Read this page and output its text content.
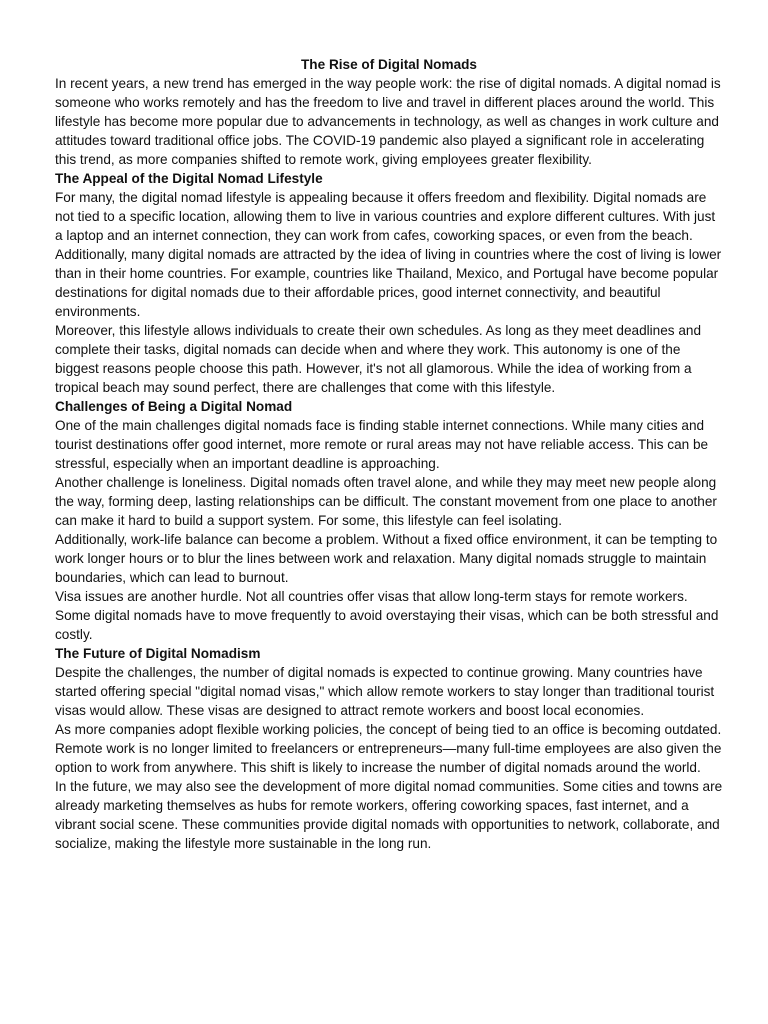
The Rise of Digital Nomads

In recent years, a new trend has emerged in the way people work: the rise of digital nomads. A digital nomad is someone who works remotely and has the freedom to live and travel in different places around the world. This lifestyle has become more popular due to advancements in technology, as well as changes in work culture and attitudes toward traditional office jobs. The COVID-19 pandemic also played a significant role in accelerating this trend, as more companies shifted to remote work, giving employees greater flexibility.

The Appeal of the Digital Nomad Lifestyle

For many, the digital nomad lifestyle is appealing because it offers freedom and flexibility. Digital nomads are not tied to a specific location, allowing them to live in various countries and explore different cultures. With just a laptop and an internet connection, they can work from cafes, coworking spaces, or even from the beach.

Additionally, many digital nomads are attracted by the idea of living in countries where the cost of living is lower than in their home countries. For example, countries like Thailand, Mexico, and Portugal have become popular destinations for digital nomads due to their affordable prices, good internet connectivity, and beautiful environments.

Moreover, this lifestyle allows individuals to create their own schedules. As long as they meet deadlines and complete their tasks, digital nomads can decide when and where they work. This autonomy is one of the biggest reasons people choose this path. However, it's not all glamorous. While the idea of working from a tropical beach may sound perfect, there are challenges that come with this lifestyle.

Challenges of Being a Digital Nomad

One of the main challenges digital nomads face is finding stable internet connections. While many cities and tourist destinations offer good internet, more remote or rural areas may not have reliable access. This can be stressful, especially when an important deadline is approaching.

Another challenge is loneliness. Digital nomads often travel alone, and while they may meet new people along the way, forming deep, lasting relationships can be difficult. The constant movement from one place to another can make it hard to build a support system. For some, this lifestyle can feel isolating.

Additionally, work-life balance can become a problem. Without a fixed office environment, it can be tempting to work longer hours or to blur the lines between work and relaxation. Many digital nomads struggle to maintain boundaries, which can lead to burnout.

Visa issues are another hurdle. Not all countries offer visas that allow long-term stays for remote workers. Some digital nomads have to move frequently to avoid overstaying their visas, which can be both stressful and costly.

The Future of Digital Nomadism

Despite the challenges, the number of digital nomads is expected to continue growing. Many countries have started offering special "digital nomad visas," which allow remote workers to stay longer than traditional tourist visas would allow. These visas are designed to attract remote workers and boost local economies.

As more companies adopt flexible working policies, the concept of being tied to an office is becoming outdated. Remote work is no longer limited to freelancers or entrepreneurs—many full-time employees are also given the option to work from anywhere. This shift is likely to increase the number of digital nomads around the world.

In the future, we may also see the development of more digital nomad communities. Some cities and towns are already marketing themselves as hubs for remote workers, offering coworking spaces, fast internet, and a vibrant social scene. These communities provide digital nomads with opportunities to network, collaborate, and socialize, making the lifestyle more sustainable in the long run.
